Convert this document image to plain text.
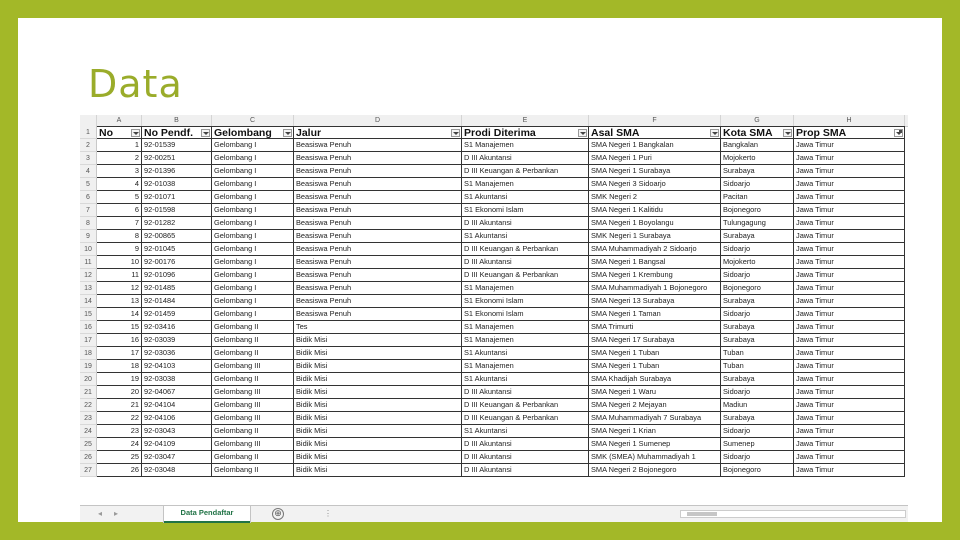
Data
A	B	C	D	E	F	G	H
1 No	No Pendf.	Gelombang	Jalur	Prodi Diterima	Asal SMA	Kota SMA	Prop SMA
2	1 92-01539	Gelombang I	Beasiswa Penuh	S1 Manajemen	SMA Negeri 1 Bangkalan	Bangkalan	Jawa Timur
3	2 92-00251	Gelombang I	Beasiswa Penuh	D III Akuntansi	SMA Negeri 1 Puri	Mojokerto	Jawa Timur
4	3 92-01396	Gelombang I	Beasiswa Penuh	D III Keuangan & Perbankan	SMA Negeri 1 Surabaya	Surabaya	Jawa Timur
5	4 92-01038	Gelombang I	Beasiswa Penuh	S1 Manajemen	SMA Negeri 3 Sidoarjo	Sidoarjo	Jawa Timur
6	5 92-01071	Gelombang I	Beasiswa Penuh	S1 Akuntansi	SMK Negeri 2	Pacitan	Jawa Timur
7	6 92-01598	Gelombang I	Beasiswa Penuh	S1 Ekonomi Islam	SMA Negeri 1 Kalitidu	Bojonegoro	Jawa Timur
8	7 92-01282	Gelombang I	Beasiswa Penuh	D III Akuntansi	SMA Negeri 1 Boyolangu	Tulungagung	Jawa Timur
9	8 92-00865	Gelombang I	Beasiswa Penuh	S1 Akuntansi	SMK Negeri 1 Surabaya	Surabaya	Jawa Timur
10	9 92-01045	Gelombang I	Beasiswa Penuh	D III Keuangan & Perbankan	SMA Muhammadiyah 2 Sidoarjo	Sidoarjo	Jawa Timur
11	10 92-00176	Gelombang I	Beasiswa Penuh	D III Akuntansi	SMA Negeri 1 Bangsal	Mojokerto	Jawa Timur
12	11 92-01096	Gelombang I	Beasiswa Penuh	D III Keuangan & Perbankan	SMA Negeri 1 Krembung	Sidoarjo	Jawa Timur
13	12 92-01485	Gelombang I	Beasiswa Penuh	S1 Manajemen	SMA Muhammadiyah 1 Bojonegoro	Bojonegoro	Jawa Timur
14	13 92-01484	Gelombang I	Beasiswa Penuh	S1 Ekonomi Islam	SMA Negeri 13 Surabaya	Surabaya	Jawa Timur
15	14 92-01459	Gelombang I	Beasiswa Penuh	S1 Ekonomi Islam	SMA Negeri 1 Taman	Sidoarjo	Jawa Timur
16	15 92-03416	Gelombang II	Tes	S1 Manajemen	SMA Trimurti	Surabaya	Jawa Timur
17	16 92-03039	Gelombang II	Bidik Misi	S1 Manajemen	SMA Negeri 17 Surabaya	Surabaya	Jawa Timur
18	17 92-03036	Gelombang II	Bidik Misi	S1 Akuntansi	SMA Negeri 1 Tuban	Tuban	Jawa Timur
19	18 92-04103	Gelombang III	Bidik Misi	S1 Manajemen	SMA Negeri 1 Tuban	Tuban	Jawa Timur
20	19 92-03038	Gelombang II	Bidik Misi	S1 Akuntansi	SMA Khadijah Surabaya	Surabaya	Jawa Timur
21	20 92-04067	Gelombang III	Bidik Misi	D III Akuntansi	SMA Negeri 1 Waru	Sidoarjo	Jawa Timur
22	21 92-04104	Gelombang III	Bidik Misi	D III Keuangan & Perbankan	SMA Negeri 2 Mejayan	Madiun	Jawa Timur
23	22 92-04106	Gelombang III	Bidik Misi	D III Keuangan & Perbankan	SMA Muhammadiyah 7 Surabaya	Surabaya	Jawa Timur
24	23 92-03043	Gelombang II	Bidik Misi	S1 Akuntansi	SMA Negeri 1 Krian	Sidoarjo	Jawa Timur
25	24 92-04109	Gelombang III	Bidik Misi	D III Akuntansi	SMA Negeri 1 Sumenep	Sumenep	Jawa Timur
26	25 92-03047	Gelombang II	Bidik Misi	D III Akuntansi	SMK (SMEA) Muhammadiyah 1	Sidoarjo	Jawa Timur
27	26 92-03048	Gelombang II	Bidik Misi	D III Akuntansi	SMA Negeri 2 Bojonegoro	Bojonegoro	Jawa Timur
◂	▸	Data Pendaftar	⊕	⋮
